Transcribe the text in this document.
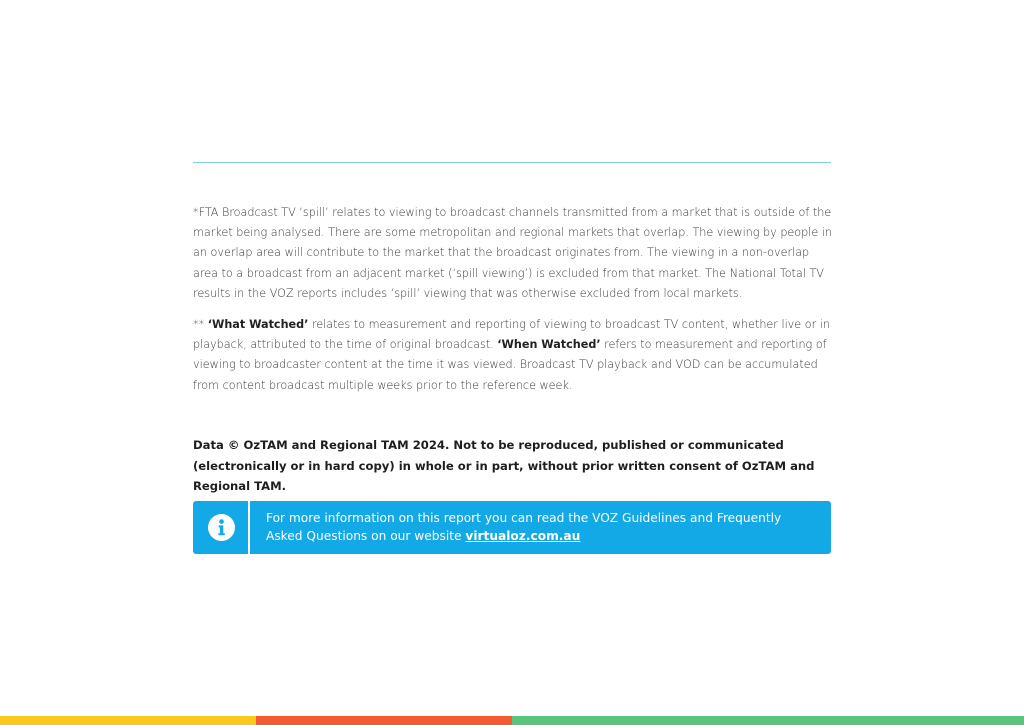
*FTA Broadcast TV ‘spill’ relates to viewing to broadcast channels transmitted from a market that is outside of the market being analysed. There are some metropolitan and regional markets that overlap. The viewing by people in an overlap area will contribute to the market that the broadcast originates from. The viewing in a non-overlap area to a broadcast from an adjacent market (‘spill viewing’) is excluded from that market. The National Total TV results in the VOZ reports includes ‘spill’ viewing that was otherwise excluded from local markets.

** ‘What Watched’ relates to measurement and reporting of viewing to broadcast TV content, whether live or in playback, attributed to the time of original broadcast. ‘When Watched’ refers to measurement and reporting of viewing to broadcaster content at the time it was viewed. Broadcast TV playback and VOD can be accumulated from content broadcast multiple weeks prior to the reference week.

Data © OzTAM and Regional TAM 2024. Not to be reproduced, published or communicated (electronically or in hard copy) in whole or in part, without prior written consent of OzTAM and Regional TAM.

For more information on this report you can read the VOZ Guidelines and Frequently Asked Questions on our website virtualoz.com.au
